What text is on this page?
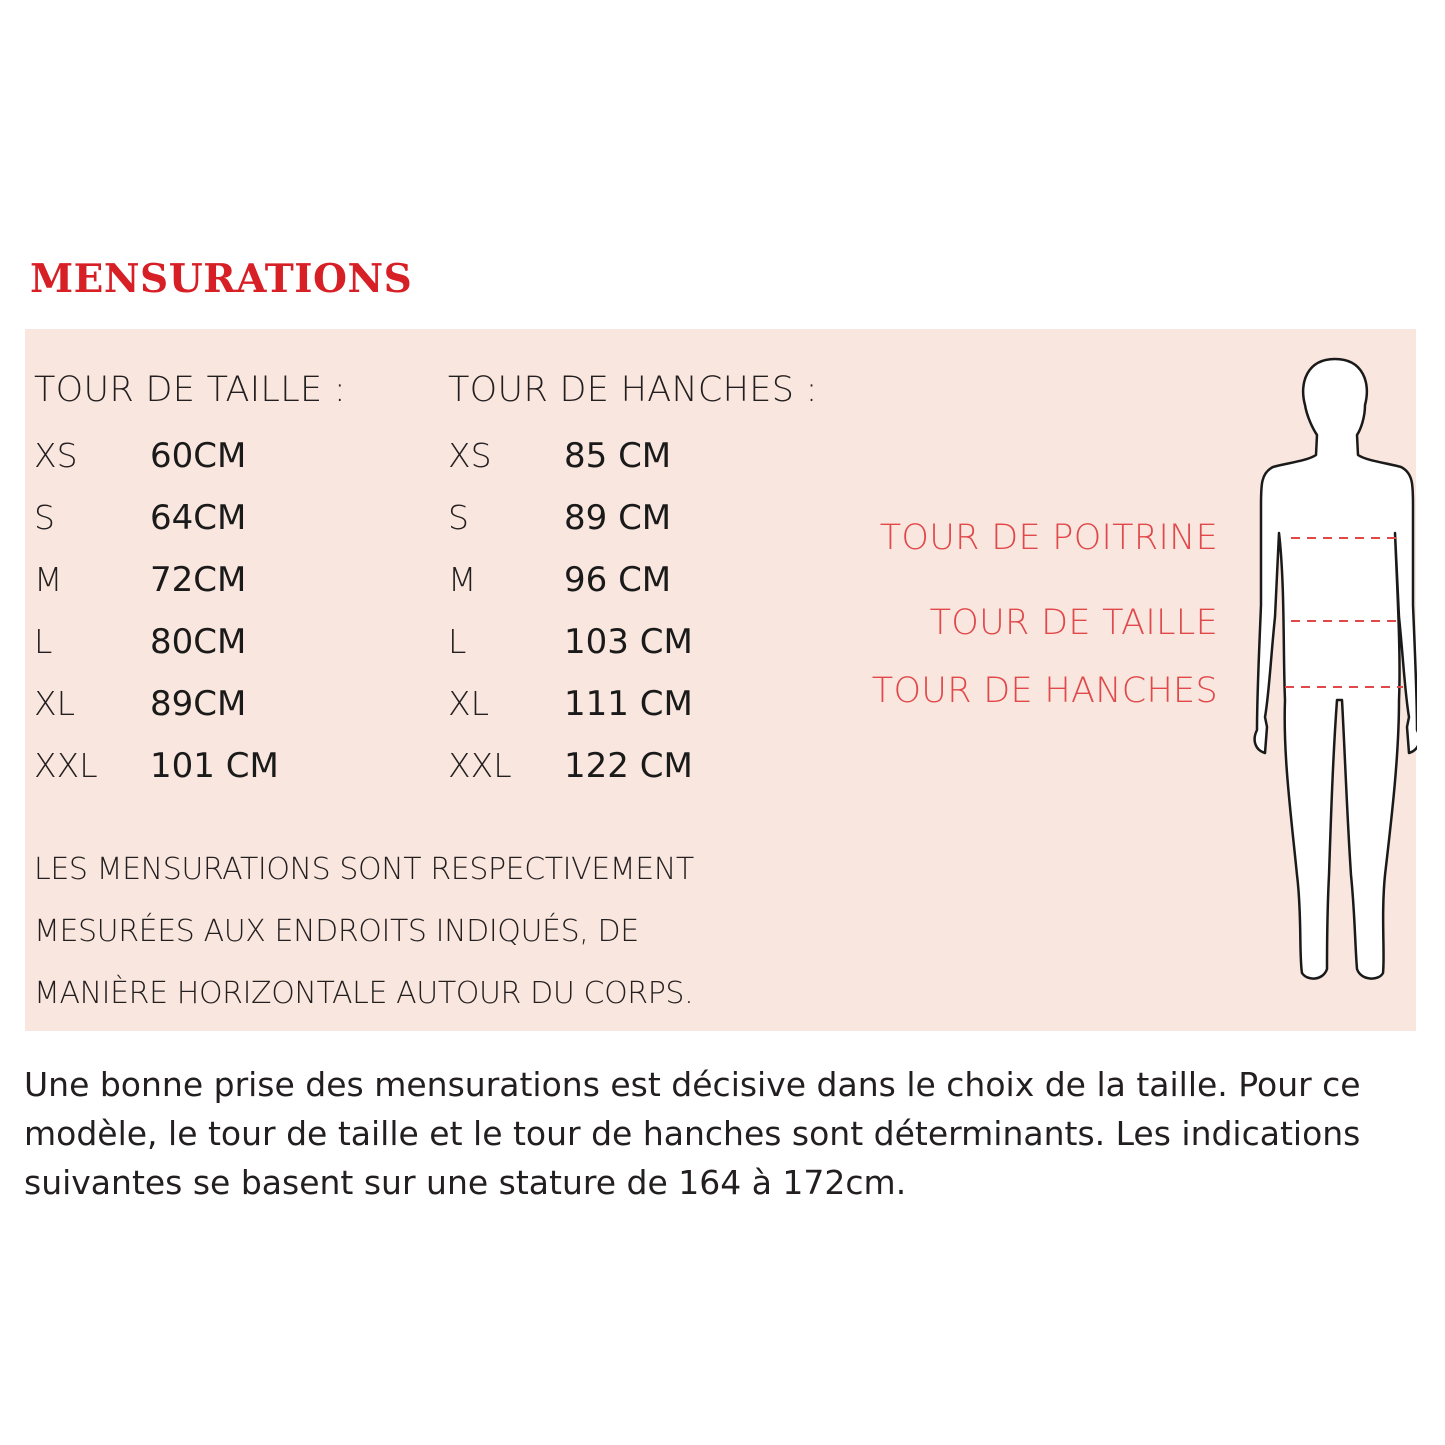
MENSURATIONS
TOUR DE TAILLE :
XS 60CM
S	64CM
M	72CM
L	80CM
XL 89CM
XXL 101 CM
TOUR DE HANCHES :
XS 85 CM
S	89 CM
M	96 CM
L	103 CM
XL 111 CM
XXL 122 CM
LES MENSURATIONS SONT RESPECTIVEMENT
MESURÉES AUX ENDROITS INDIQUÉS, DE
MANIÈRE HORIZONTALE AUTOUR DU CORPS.
TOUR DE POITRINE
TOUR DE TAILLE
TOUR DE HANCHES
Une bonne prise des mensurations est décisive dans le choix de la taille. Pour ce
modèle, le tour de taille et le tour de hanches sont déterminants. Les indications
suivantes se basent sur une stature de 164 à 172cm.
